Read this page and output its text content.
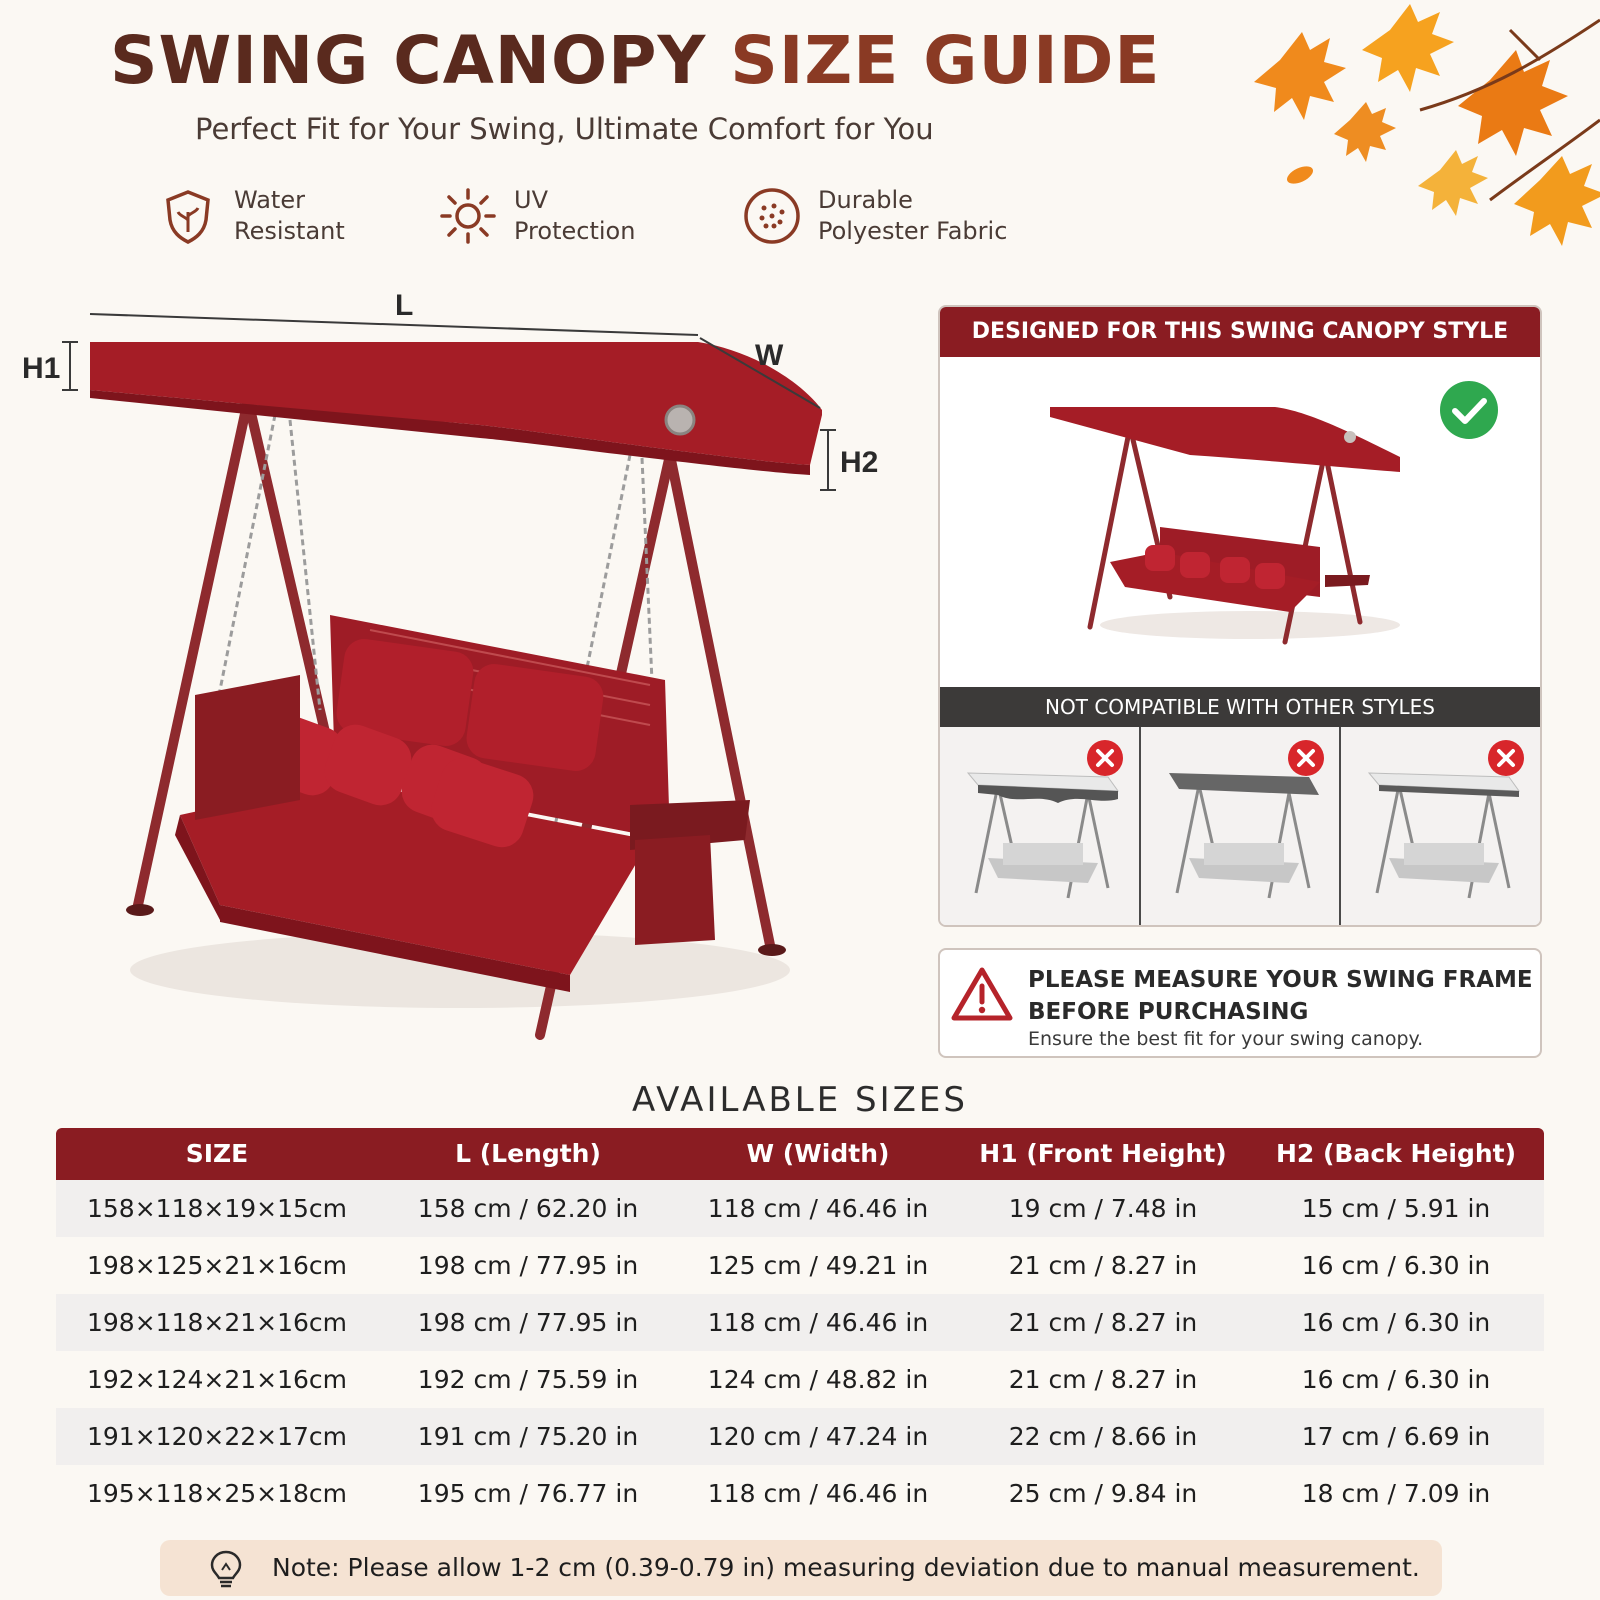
SWING CANOPY SIZE GUIDE
Perfect Fit for Your Swing, Ultimate Comfort for You
Water
Resistant
UV
Protection
Durable
Polyester Fabric
L
W
H1
H2
DESIGNED FOR THIS SWING CANOPY STYLE
NOT COMPATIBLE WITH OTHER STYLES
PLEASE MEASURE YOUR SWING FRAME BEFORE PURCHASING
Ensure the best fit for your swing canopy.
AVAILABLE SIZES
SIZE	L (Length)	W (Width)	H1 (Front Height)	H2 (Back Height)
158×118×19×15cm	158 cm / 62.20 in	118 cm / 46.46 in	19 cm / 7.48 in	15 cm / 5.91 in
198×125×21×16cm	198 cm / 77.95 in	125 cm / 49.21 in	21 cm / 8.27 in	16 cm / 6.30 in
198×118×21×16cm	198 cm / 77.95 in	118 cm / 46.46 in	21 cm / 8.27 in	16 cm / 6.30 in
192×124×21×16cm	192 cm / 75.59 in	124 cm / 48.82 in	21 cm / 8.27 in	16 cm / 6.30 in
191×120×22×17cm	191 cm / 75.20 in	120 cm / 47.24 in	22 cm / 8.66 in	17 cm / 6.69 in
195×118×25×18cm	195 cm / 76.77 in	118 cm / 46.46 in	25 cm / 9.84 in	18 cm / 7.09 in
Note: Please allow 1-2 cm (0.39-0.79 in) measuring deviation due to manual measurement.
